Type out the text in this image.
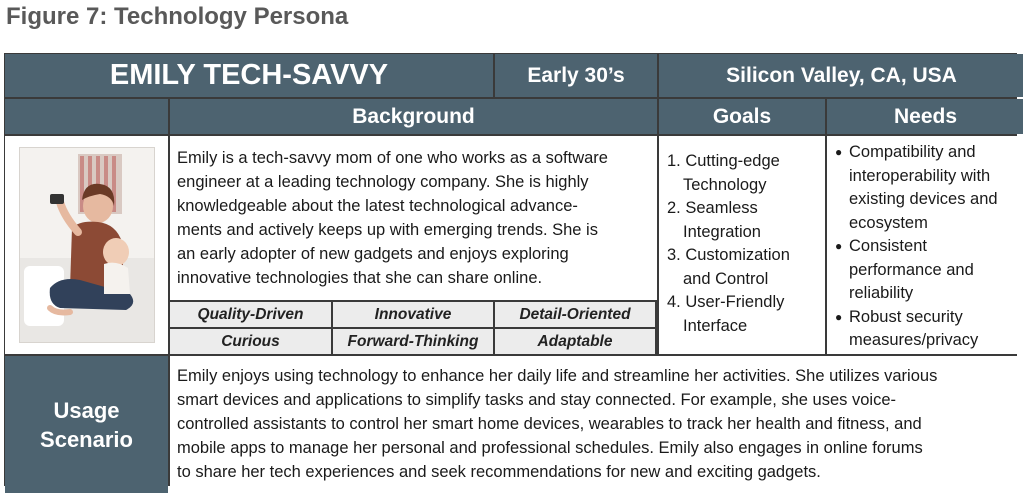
Figure 7: Technology Persona
EMILY TECH-SAVVY	Early 30’s	Silicon Valley, CA, USA
Background	Goals	Needs
Emily is a tech-savvy mom of one who works as a software
engineer at a leading technology company. She is highly
knowledgeable about the latest technological advance-
ments and actively keeps up with emerging trends. She is
an early adopter of new gadgets and enjoys exploring
innovative technologies that she can share online.
Quality-Driven	Innovative	Detail-Oriented
Curious	Forward-Thinking	Adaptable
1. Cutting-edge Technology
2. Seamless Integration
3. Customization and Control
4. User-Friendly Interface
● Compatibility and interoperability with existing devices and ecosystem
● Consistent performance and reliability
● Robust security measures/privacy
Usage
Scenario
Emily enjoys using technology to enhance her daily life and streamline her activities. She utilizes various
smart devices and applications to simplify tasks and stay connected. For example, she uses voice-
controlled assistants to control her smart home devices, wearables to track her health and fitness, and
mobile apps to manage her personal and professional schedules. Emily also engages in online forums
to share her tech experiences and seek recommendations for new and exciting gadgets.
